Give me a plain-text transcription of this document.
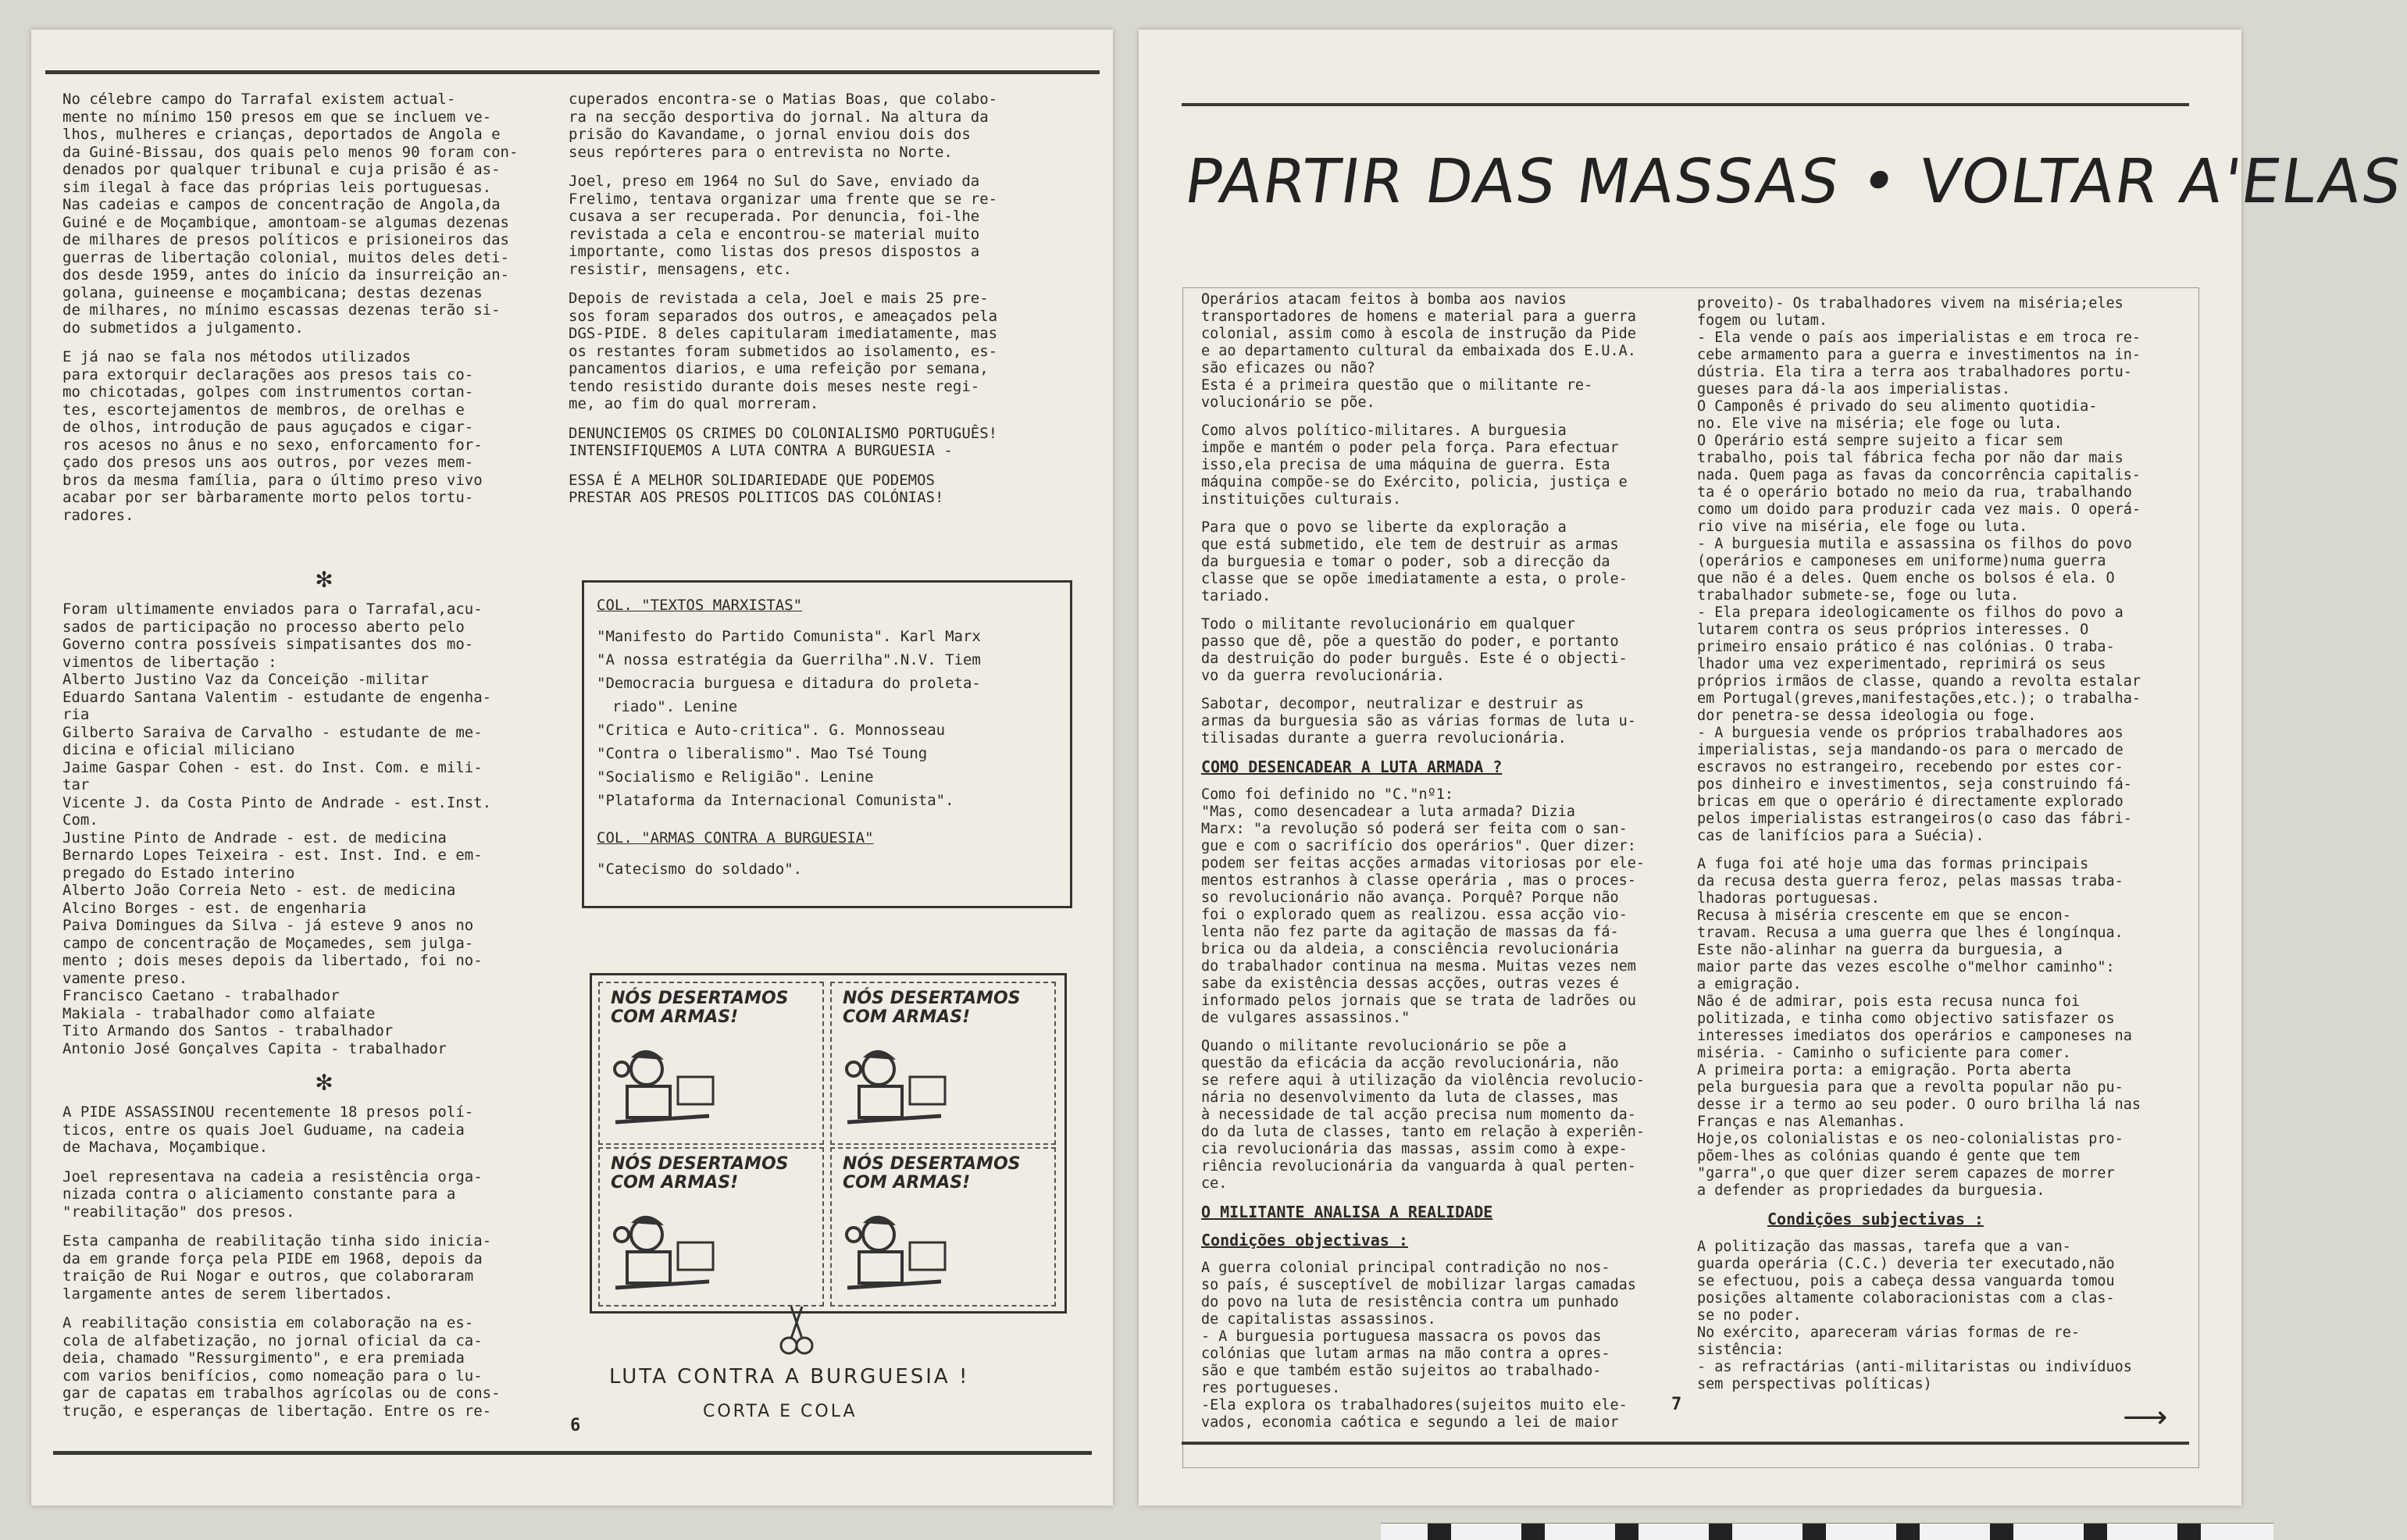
No célebre campo do Tarrafal existem actual-
mente no mínimo 150 presos em que se incluem ve-
lhos, mulheres e crianças, deportados de Angola e
da Guiné-Bissau, dos quais pelo menos 90 foram con-
denados por qualquer tribunal e cuja prisão é as-
sim ilegal à face das próprias leis portuguesas.
Nas cadeias e campos de concentração de Angola,da
Guiné e de Moçambique, amontoam-se algumas dezenas
de milhares de presos políticos e prisioneiros das
guerras de libertação colonial, muitos deles deti-
dos desde 1959, antes do início da insurreição an-
golana, guineense e moçambicana; destas dezenas
de milhares, no mínimo escassas dezenas terão si-
do submetidos a julgamento.

E já nao se fala nos métodos utilizados
para extorquir declarações aos presos tais co-
mo chicotadas, golpes com instrumentos cortan-
tes, escortejamentos de membros, de orelhas e
de olhos, introdução de paus aguçados e cigar-
ros acesos no ânus e no sexo, enforcamento for-
çado dos presos uns aos outros, por vezes mem-
bros da mesma família, para o último preso vivo
acabar por ser bàrbaramente morto pelos tortu-
radores.

✻

Foram ultimamente enviados para o Tarrafal,acu-
sados de participação no processo aberto pelo
Governo contra possíveis simpatisantes dos mo-
vimentos de libertação :

Alberto Justino Vaz da Conceição -militar
Eduardo Santana Valentim - estudante de engenha-
ria
Gilberto Saraiva de Carvalho - estudante de me-
dicina e oficial miliciano
Jaime Gaspar Cohen - est. do Inst. Com. e mili-
tar
Vicente J. da Costa Pinto de Andrade - est.Inst.
Com.
Justine Pinto de Andrade - est. de medicina
Bernardo Lopes Teixeira - est. Inst. Ind. e em-
pregado do Estado interino
Alberto João Correia Neto - est. de medicina
Alcino Borges - est. de engenharia
Paiva Domingues da Silva - já esteve 9 anos no
campo de concentração de Moçamedes, sem julga-
mento ; dois meses depois da libertado, foi no-
vamente preso.
Francisco Caetano - trabalhador
Makiala - trabalhador como alfaiate
Tito Armando dos Santos - trabalhador
Antonio José Gonçalves Capita - trabalhador

✻

A PIDE ASSASSINOU recentemente 18 presos polí-
ticos, entre os quais Joel Guduame, na cadeia
de Machava, Moçambique.

Joel representava na cadeia a resistência orga-
nizada contra o aliciamento constante para a
"reabilitação" dos presos.

Esta campanha de reabilitação tinha sido inicia-
da em grande força pela PIDE em 1968, depois da
traição de Rui Nogar e outros, que colaboraram
largamente antes de serem libertados.

A reabilitação consistia em colaboração na es-
cola de alfabetização, no jornal oficial da ca-
deia, chamado "Ressurgimento", e era premiada
com varios benifícios, como nomeação para o lu-
gar de capatas em trabalhos agrícolas ou de cons-
trução, e esperanças de libertação. Entre os re-

cuperados encontra-se o Matias Boas, que colabo-
ra na secção desportiva do jornal. Na altura da
prisão do Kavandame, o jornal enviou dois dos
seus repórteres para o entrevista no Norte.

Joel, preso em 1964 no Sul do Save, enviado da
Frelimo, tentava organizar uma frente que se re-
cusava a ser recuperada. Por denuncia, foi-lhe
revistada a cela e encontrou-se material muito
importante, como listas dos presos dispostos a
resistir, mensagens, etc.

Depois de revistada a cela, Joel e mais 25 pre-
sos foram separados dos outros, e ameaçados pela
DGS-PIDE. 8 deles capitularam imediatamente, mas
os restantes foram submetidos ao isolamento, es-
pancamentos diarios, e uma refeição por semana,
tendo resistido durante dois meses neste regi-
me, ao fim do qual morreram.

DENUNCIEMOS OS CRIMES DO COLONIALISMO PORTUGUÊS!
INTENSIFIQUEMOS A LUTA CONTRA A BURGUESIA -

ESSA É A MELHOR SOLIDARIEDADE QUE PODEMOS
PRESTAR AOS PRESOS POLITICOS DAS COLÓNIAS!

COL. "TEXTOS MARXISTAS"
"Manifesto do Partido Comunista". Karl Marx
"A nossa estratégia da Guerrilha".N.V. Tiem
"Democracia burguesa e ditadura do proleta-
riado". Lenine
"Critica e Auto-critica". G. Monnosseau
"Contra o liberalismo". Mao Tsé Toung
"Socialismo e Religião". Lenine
"Plataforma da Internacional Comunista".
COL. "ARMAS CONTRA A BURGUESIA"
"Catecismo do soldado".
NÓS DESERTAMOS COM ARMAS!
NÓS DESERTAMOS COM ARMAS!
NÓS DESERTAMOS COM ARMAS!
NÓS DESERTAMOS COM ARMAS!
LUTA CONTRA A BURGUESIA !
CORTA E COLA
6
PARTIR DAS MASSAS • VOLTAR A'ELAS

Operários atacam feitos à bomba aos navios
transportadores de homens e material para a guerra
colonial, assim como à escola de instrução da Pide
e ao departamento cultural da embaixada dos E.U.A.
são eficazes ou não?
Esta é a primeira questão que o militante re-
volucionário se põe.

Como alvos político-militares. A burguesia
impõe e mantém o poder pela força. Para efectuar
isso,ela precisa de uma máquina de guerra. Esta
máquina compõe-se do Exército, policia, justiça e
instituições culturais.

Para que o povo se liberte da exploração a
que está submetido, ele tem de destruir as armas
da burguesia e tomar o poder, sob a direcção da
classe que se opõe imediatamente a esta, o prole-
tariado.

Todo o militante revolucionário em qualquer
passo que dê, põe a questão do poder, e portanto
da destruição do poder burguês. Este é o objecti-
vo da guerra revolucionária.

Sabotar, decompor, neutralizar e destruir as
armas da burguesia são as várias formas de luta u-
tilisadas durante a guerra revolucionária.

COMO DESENCADEAR A LUTA ARMADA ?

Como foi definido no "C."nº1:
"Mas, como desencadear a luta armada? Dizia
Marx: "a revolução só poderá ser feita com o san-
gue e com o sacrifício dos operários". Quer dizer:
podem ser feitas acções armadas vitoriosas por ele-
mentos estranhos à classe operária , mas o proces-
so revolucionário não avança. Porquê? Porque não
foi o explorado quem as realizou. essa acção vio-
lenta não fez parte da agitação de massas da fá-
brica ou da aldeia, a consciência revolucionária
do trabalhador continua na mesma. Muitas vezes nem
sabe da existência dessas acções, outras vezes é
informado pelos jornais que se trata de ladrões ou
de vulgares assassinos."

Quando o militante revolucionário se põe a
questão da eficácia da acção revolucionária, não
se refere aqui à utilização da violência revolucio-
nária no desenvolvimento da luta de classes, mas
à necessidade de tal acção precisa num momento da-
do da luta de classes, tanto em relação à experiên-
cia revolucionária das massas, assim como à expe-
riência revolucionária da vanguarda à qual perten-
ce.

O MILITANTE ANALISA A REALIDADE

Condições objectivas :

A guerra colonial principal contradição no nos-
so país, é susceptível de mobilizar largas camadas
do povo na luta de resistência contra um punhado
de capitalistas assassinos.
- A burguesia portuguesa massacra os povos das
colónias que lutam armas na mão contra a opres-
são e que também estão sujeitos ao trabalhado-
res portugueses.
-Ela explora os trabalhadores(sujeitos muito ele-
vados, economia caótica e segundo a lei de maior

7

proveito)- Os trabalhadores vivem na miséria;eles
fogem ou lutam.
- Ela vende o país aos imperialistas e em troca re-
cebe armamento para a guerra e investimentos na in-
dústria. Ela tira a terra aos trabalhadores portu-
gueses para dá-la aos imperialistas.
O Camponês é privado do seu alimento quotidia-
no. Ele vive na miséria; ele foge ou luta.
O Operário está sempre sujeito a ficar sem
trabalho, pois tal fábrica fecha por não dar mais
nada. Quem paga as favas da concorrência capitalis-
ta é o operário botado no meio da rua, trabalhando
como um doido para produzir cada vez mais. O operá-
rio vive na miséria, ele foge ou luta.
- A burguesia mutila e assassina os filhos do povo
(operários e camponeses em uniforme)numa guerra
que não é a deles. Quem enche os bolsos é ela. O
trabalhador submete-se, foge ou luta.
- Ela prepara ideologicamente os filhos do povo a
lutarem contra os seus próprios interesses. O
primeiro ensaio prático é nas colónias. O traba-
lhador uma vez experimentado, reprimirá os seus
próprios irmãos de classe, quando a revolta estalar
em Portugal(greves,manifestações,etc.); o trabalha-
dor penetra-se dessa ideologia ou foge.
- A burguesia vende os próprios trabalhadores aos
imperialistas, seja mandando-os para o mercado de
escravos no estrangeiro, recebendo por estes cor-
pos dinheiro e investimentos, seja construindo fá-
bricas em que o operário é directamente explorado
pelos imperialistas estrangeiros(o caso das fábri-
cas de lanifícios para a Suécia).

A fuga foi até hoje uma das formas principais
da recusa desta guerra feroz, pelas massas traba-
lhadoras portuguesas.
Recusa à miséria crescente em que se encon-
travam. Recusa a uma guerra que lhes é longínqua.
Este não-alinhar na guerra da burguesia, a
maior parte das vezes escolhe o"melhor caminho":
a emigração.
Não é de admirar, pois esta recusa nunca foi
politizada, e tinha como objectivo satisfazer os
interesses imediatos dos operários e camponeses na
miséria. - Caminho o suficiente para comer.
A primeira porta: a emigração. Porta aberta
pela burguesia para que a revolta popular não pu-
desse ir a termo ao seu poder. O ouro brilha lá nas
Franças e nas Alemanhas.
Hoje,os colonialistas e os neo-colonialistas pro-
põem-lhes as colónias quando é gente que tem
"garra",o que quer dizer serem capazes de morrer
a defender as propriedades da burguesia.

Condições subjectivas :

A politização das massas, tarefa que a van-
guarda operária (C.C.) deveria ter executado,não
se efectuou, pois a cabeça dessa vanguarda tomou
posições altamente colaboracionistas com a clas-
se no poder.
No exército, apareceram várias formas de re-
sistência:
- as refractárias (anti-militaristas ou indivíduos
sem perspectivas políticas)

⟶
